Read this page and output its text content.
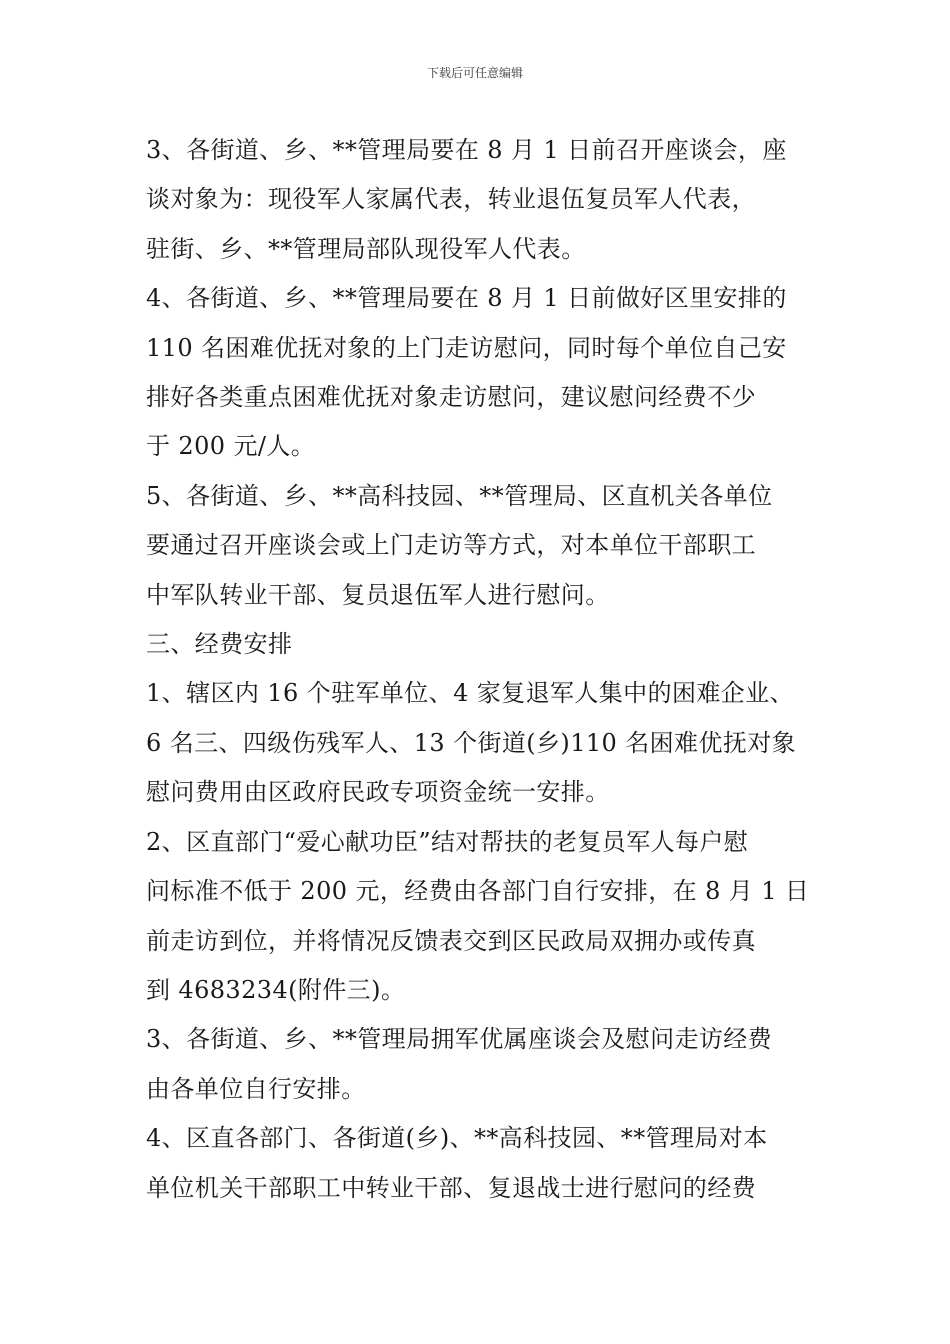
下载后可任意编辑

3、各街道、乡、**管理局要在 8 月 1 日前召开座谈会，座

谈对象为：现役军人家属代表，转业退伍复员军人代表，

驻街、乡、**管理局部队现役军人代表。

4、各街道、乡、**管理局要在 8 月 1 日前做好区里安排的

110 名困难优抚对象的上门走访慰问，同时每个单位自己安

排好各类重点困难优抚对象走访慰问，建议慰问经费不少

于 200 元/人。

5、各街道、乡、**高科技园、**管理局、区直机关各单位

要通过召开座谈会或上门走访等方式，对本单位干部职工

中军队转业干部、复员退伍军人进行慰问。

三、经费安排

1、辖区内 16 个驻军单位、4 家复退军人集中的困难企业、

6 名三、四级伤残军人、13 个街道(乡)110 名困难优抚对象

慰问费用由区政府民政专项资金统一安排。

2、区直部门“爱心献功臣”结对帮扶的老复员军人每户慰

问标准不低于 200 元，经费由各部门自行安排，在 8 月 1 日

前走访到位，并将情况反馈表交到区民政局双拥办或传真

到 4683234(附件三)。

3、各街道、乡、**管理局拥军优属座谈会及慰问走访经费

由各单位自行安排。

4、区直各部门、各街道(乡)、**高科技园、**管理局对本

单位机关干部职工中转业干部、复退战士进行慰问的经费
